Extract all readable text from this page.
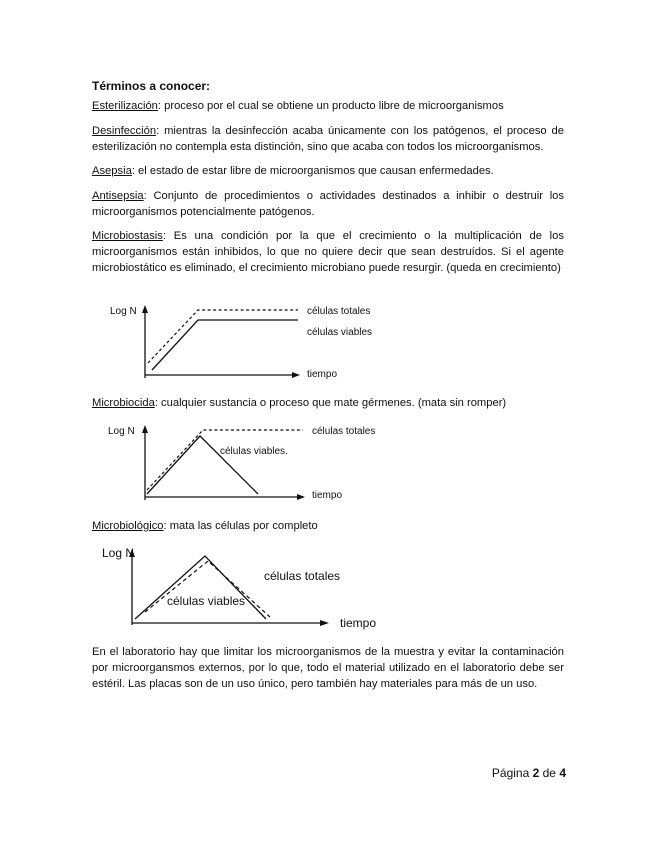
Términos a conocer:

Esterilización: proceso por el cual se obtiene un producto libre de microorganismos

Desinfección: mientras la desinfección acaba únicamente con los patógenos, el proceso de esterilización no contempla esta distinción, sino que acaba con todos los microorganismos.

Asepsia: el estado de estar libre de microorganismos que causan enfermedades.

Antisepsia: Conjunto de procedimientos o actividades destinados a inhibir o destruir los microorganismos potencialmente patógenos.

Microbiostasis: Es una condición por la que el crecimiento o la multiplicación de los microorganismos están inhibidos, lo que no quiere decir que sean destruídos. Si el agente microbiostático es eliminado, el crecimiento microbiano puede resurgir. (queda en crecimiento)

Log N	células totales
células viables
tiempo

Microbiocida: cualquier sustancia o proceso que mate gérmenes. (mata sin romper)

Log N	células totales
células viables.
tiempo

Microbiológico: mata las células por completo

Log N
células totales
células viables
tiempo

En el laboratorio hay que limitar los microorganismos de la muestra y evitar la contaminación por microorgansmos externos, por lo que, todo el material utilizado en el laboratorio debe ser estéril. Las placas son de un uso único, pero también hay materiales para más de un uso.

Página 2 de 4
